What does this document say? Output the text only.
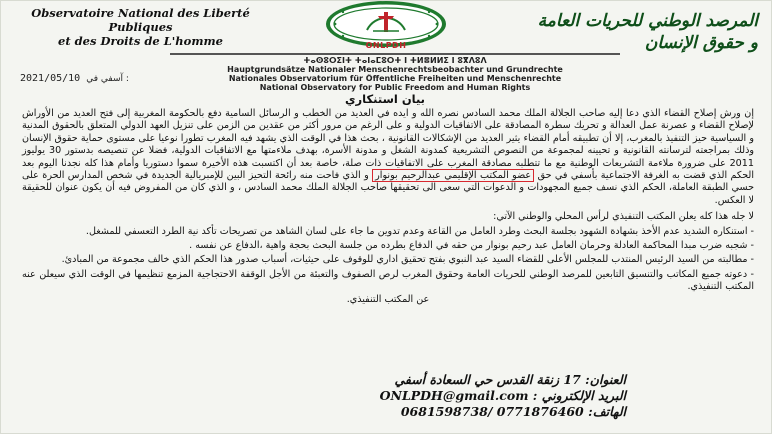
Observatoire National des Liberté Publiques
et des Droits de L'homme	ONLPDH
المرصد الوطني للحريات العامة
و حقوق الإنسان
ⵜⴰⵙⵓⵔⵉⵏⵜ ⵜⴰⵏⴰⵎⵓⵔⵜ ⵏ ⵜⵍⴻⵍⵍⵉ ⵏ ⵓⴳⴷⵓⴷ
Hauptgrundsätze Nationaler Menschenrechtsbeobachter und Grundrechte
Nationales Observatorium für Öffentliche Freiheiten und Menschenrechte
National Observatory for Public Freedom and Human Rights
2021/05/10 آسفي في :
بيان استنكاري

إن ورش إصلاح القضاء الذي دعا إليه صاحب الجلالة الملك محمد السادس نصره الله و ايده في العديد من الخطب و الرسائل السامية دفع بالحكومة المغربية إلى فتح العديد من الأوراش لإصلاح القضاء و عصرنة عمل العدالة و تحريك سطرة المصادقة على الاتفاقيات الدولية و على الرغم من مرور أكثر من عقدين من الزمن على تنزيل العهد الدولي المتعلق بالحقوق المدنية و السياسية حيز التنفيذ بالمغرب، إلا أن تطبيقه أمام القضاء يثير العديد من الإشكالات القانونية ، بحث هذا في الوقت الذي يشهد فيه المغرب تطورا نوعيا على مستوى حماية حقوق الإنسان وذلك بمراجعته لترسانته القانونية و تحيينه لمجموعة من النصوص التشريعية كمدونة الشغل و مدونة الأسرة، بهدف ملاءمتها مع الاتفاقيات الدولية، فضلا عن تنصيصه بدستور 30 يوليوز 2011 على ضرورة ملاءمة التشريعات الوطنية مع ما تتطلبه مصادقة المغرب على الاتفاقيات ذات صلة، خاصة بعد أن اكتسبت هذه الأخيرة سموا دستوريا وأمام هذا كله نجدنا اليوم بعد الحكم الذي قضت به الغرفة الاجتماعية بأسفي في حق عضو المكتب الإقليمي عبدالرحيم بونوار و الذي فاحت منه رائحة التحيز البين للإمبريالية الجديدة في شخص المدارس الحرة على حسي الطبقة العاملة، الحكم الذي نسف جميع المجهودات و الدعوات التي سعى الى تحقيقها صاحب الجلالة الملك محمد السادس ، و الذي كان من المفروض فيه أن يكون عنوان للحقيقة لا العكس.

لا جله هذا كله يعلن المكتب التنفيذي لرأس المحلي والوطني الآتي:

- استنكاره الشديد عدم الأخذ بشهادة الشهود بجلسة البحث وطرد العامل من القاعة وعدم تدوين ما جاء على لسان الشاهد من تصريحات تأكد نية الطرد التعسفي للمشغل.

- شجبه ضرب مبدا المحاكمة العادلة وحرمان العامل عبد رحيم بونوار من حقه في الدفاع بطرده من جلسة البحث بحجة واهية ،الدفاع عن نفسه .

- مطالبته من السيد الرئيس المنتدب للمجلس الأعلى للقضاء السيد عبد النبوي بفتح تحقيق اداري للوقوف على حيثيات، أسباب صدور هذا الحكم الذي خالف مجموعة من المبادئ.

- دعوته جميع المكاتب والتنسيق التابعين للمرصد الوطني للحريات العامة وحقوق المغرب لرص الصفوف والتعبئة من الأجل الوقفة الاحتجاجية المزمع تنظيمها في الوقت الذي سيعلن عنه المكتب التنفيذي.

عن المكتب التنفيذي.

العنوان: 17 زنقة القدس حي السعادة أسفي
البريد الإلكتروني : ONLPDH@gmail.com
الهاتف: 0771876460 /0681598738
